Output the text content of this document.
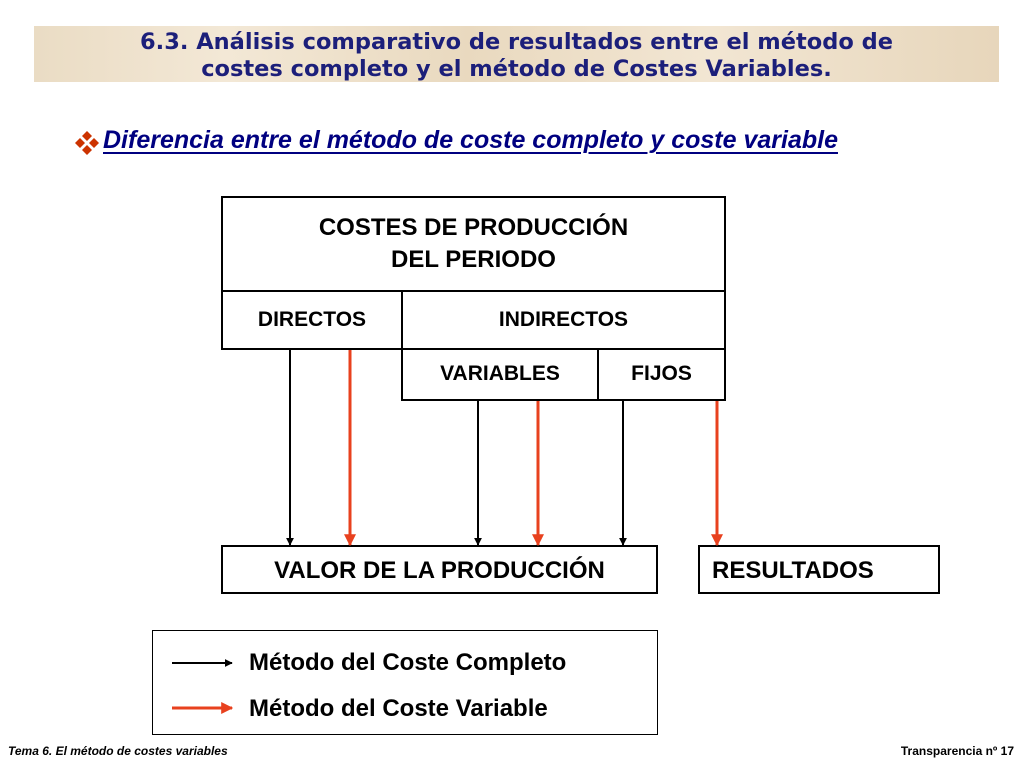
6.3. Análisis comparativo de resultados entre el método de
costes completo y el método de Costes Variables.
Diferencia entre el método de coste completo y coste variable
COSTES DE PRODUCCIÓN
DEL PERIODO
DIRECTOS	INDIRECTOS
VARIABLES	FIJOS
VALOR DE LA PRODUCCIÓN	RESULTADOS
Método del Coste Completo
Método del Coste Variable
Tema 6. El método de costes variables	Transparencia nº 17
